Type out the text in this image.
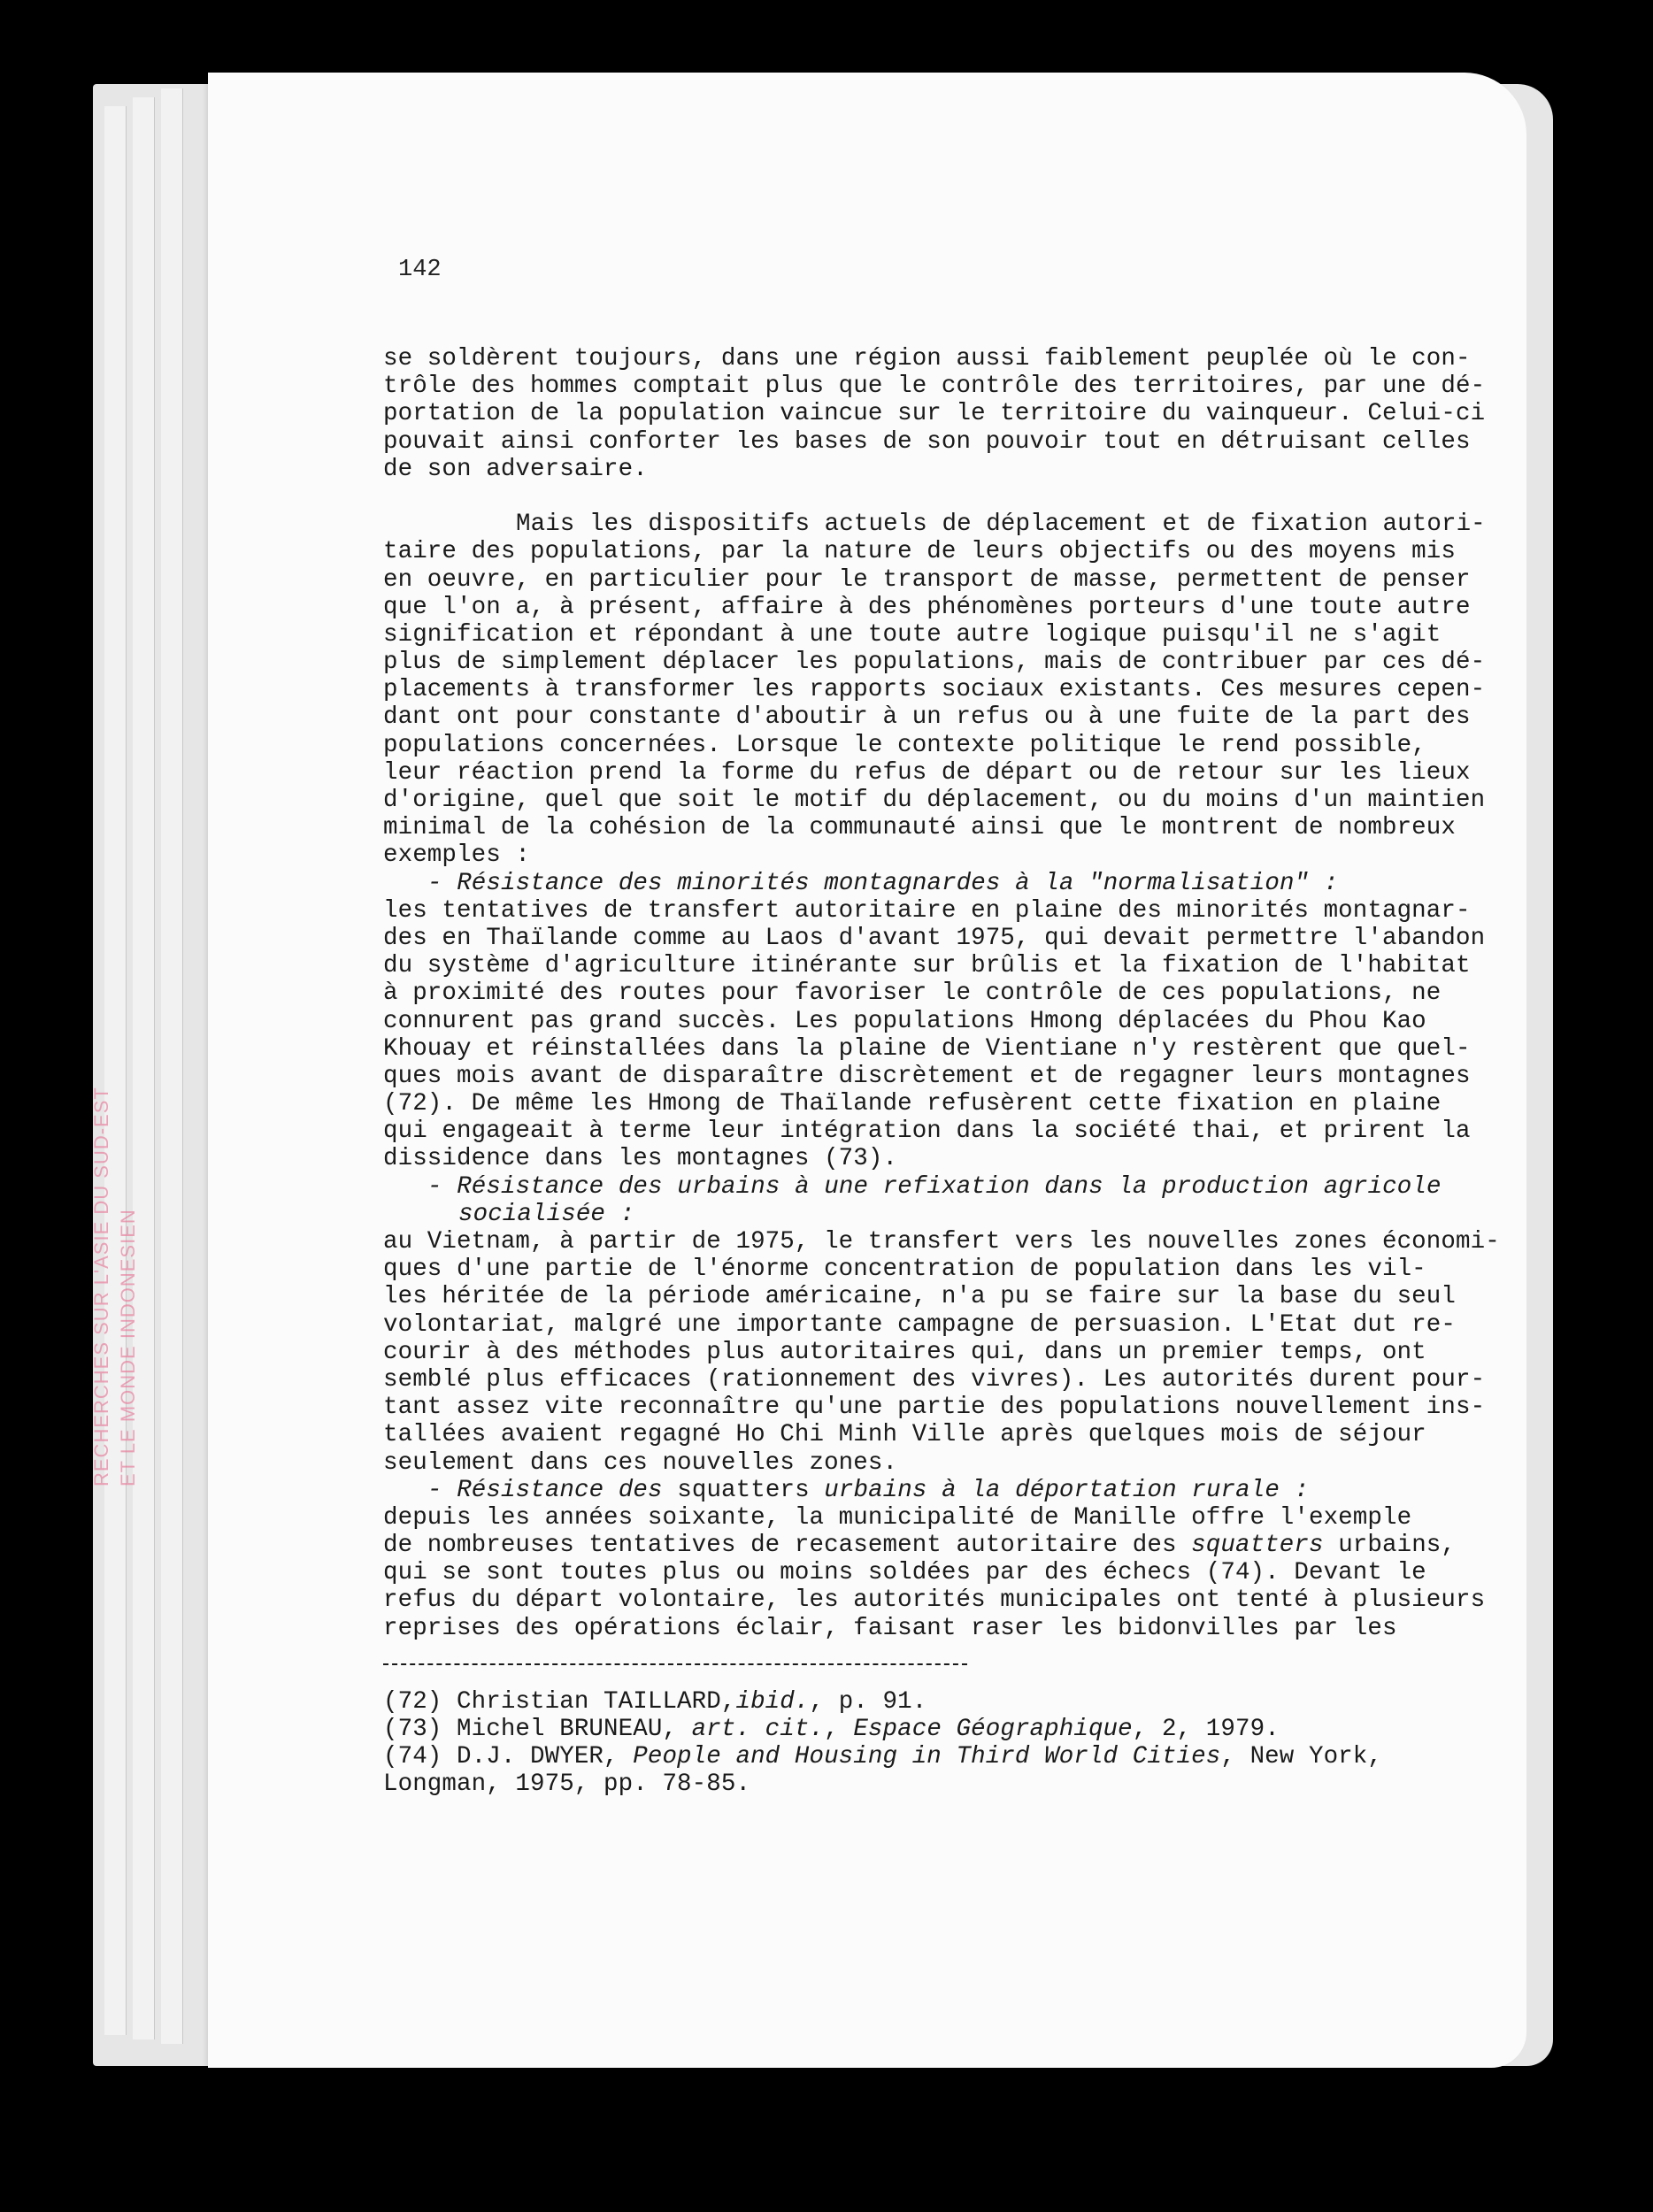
RECHERCHES SUR L'ASIE DU SUD-EST ET LE MONDE INDONESIEN
142
se soldèrent toujours, dans une région aussi faiblement peuplée où le con-
trôle des hommes comptait plus que le contrôle des territoires, par une dé-
portation de la population vaincue sur le territoire du vainqueur. Celui-ci
pouvait ainsi conforter les bases de son pouvoir tout en détruisant celles
de son adversaire.
Mais les dispositifs actuels de déplacement et de fixation autori-
taire des populations, par la nature de leurs objectifs ou des moyens mis
en oeuvre, en particulier pour le transport de masse, permettent de penser
que l'on a, à présent, affaire à des phénomènes porteurs d'une toute autre
signification et répondant à une toute autre logique puisqu'il ne s'agit
plus de simplement déplacer les populations, mais de contribuer par ces dé-
placements à transformer les rapports sociaux existants. Ces mesures cepen-
dant ont pour constante d'aboutir à un refus ou à une fuite de la part des
populations concernées. Lorsque le contexte politique le rend possible,
leur réaction prend la forme du refus de départ ou de retour sur les lieux
d'origine, quel que soit le motif du déplacement, ou du moins d'un maintien
minimal de la cohésion de la communauté ainsi que le montrent de nombreux
exemples :
- Résistance des minorités montagnardes à la "normalisation" :
les tentatives de transfert autoritaire en plaine des minorités montagnar-
des en Thaïlande comme au Laos d'avant 1975, qui devait permettre l'abandon
du système d'agriculture itinérante sur brûlis et la fixation de l'habitat
à proximité des routes pour favoriser le contrôle de ces populations, ne
connurent pas grand succès. Les populations Hmong déplacées du Phou Kao
Khouay et réinstallées dans la plaine de Vientiane n'y restèrent que quel-
ques mois avant de disparaître discrètement et de regagner leurs montagnes
(72). De même les Hmong de Thaïlande refusèrent cette fixation en plaine
qui engageait à terme leur intégration dans la société thai, et prirent la
dissidence dans les montagnes (73).
- Résistance des urbains à une refixation dans la production agricole
socialisée :
au Vietnam, à partir de 1975, le transfert vers les nouvelles zones économi-
ques d'une partie de l'énorme concentration de population dans les vil-
les héritée de la période américaine, n'a pu se faire sur la base du seul
volontariat, malgré une importante campagne de persuasion. L'Etat dut re-
courir à des méthodes plus autoritaires qui, dans un premier temps, ont
semblé plus efficaces (rationnement des vivres). Les autorités durent pour-
tant assez vite reconnaître qu'une partie des populations nouvellement ins-
tallées avaient regagné Ho Chi Minh Ville après quelques mois de séjour
seulement dans ces nouvelles zones.
- Résistance des squatters urbains à la déportation rurale :
depuis les années soixante, la municipalité de Manille offre l'exemple
de nombreuses tentatives de recasement autoritaire des squatters urbains,
qui se sont toutes plus ou moins soldées par des échecs (74). Devant le
refus du départ volontaire, les autorités municipales ont tenté à plusieurs
reprises des opérations éclair, faisant raser les bidonvilles par les
(72) Christian TAILLARD,ibid., p. 91.
(73) Michel BRUNEAU, art. cit., Espace Géographique, 2, 1979.
(74) D.J. DWYER, People and Housing in Third World Cities, New York,
Longman, 1975, pp. 78-85.
